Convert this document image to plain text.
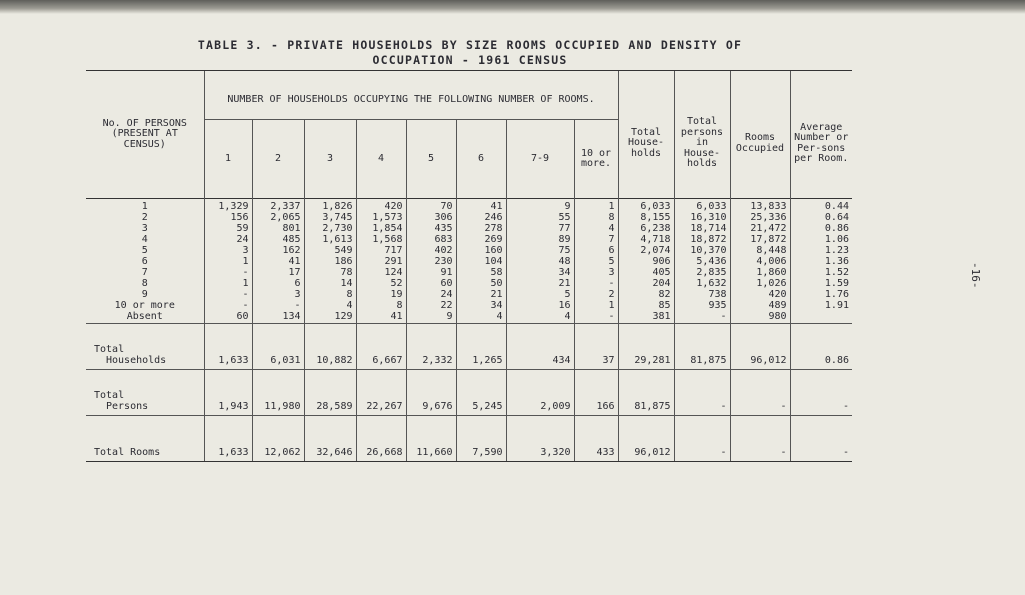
TABLE 3. - PRIVATE HOUSEHOLDS BY SIZE ROOMS OCCUPIED AND DENSITY OF
OCCUPATION - 1961 CENSUS
-16-
No. OF PERSONS (PRESENT AT CENSUS)	NUMBER OF HOUSEHOLDS OCCUPYING THE FOLLOWING NUMBER OF ROOMS.								Total House-holds	Total persons in House-holds	Rooms Occupied	Average Number or Per-sons per Room.
	1	2	3	4	5	6	7-9	10 or more.				
1	1,329	2,337	1,826	420	70	41	9	1	6,033	6,033	13,833	0.44
2	156	2,065	3,745	1,573	306	246	55	8	8,155	16,310	25,336	0.64
3	59	801	2,730	1,854	435	278	77	4	6,238	18,714	21,472	0.86
4	24	485	1,613	1,568	683	269	89	7	4,718	18,872	17,872	1.06
5	3	162	549	717	402	160	75	6	2,074	10,370	8,448	1.23
6	1	41	186	291	230	104	48	5	906	5,436	4,006	1.36
7	-	17	78	124	91	58	34	3	405	2,835	1,860	1.52
8	1	6	14	52	60	50	21	-	204	1,632	1,026	1.59
9	-	3	8	19	24	21	5	2	82	738	420	1.76
10 or more	-	-	4	8	22	34	16	1	85	935	489	1.91
Absent	60	134	129	41	9	4	4	-	381	-	980	
Total
Households	1,633	6,031	10,882	6,667	2,332	1,265	434	37	29,281	81,875	96,012	0.86
Total
Persons	1,943	11,980	28,589	22,267	9,676	5,245	2,009	166	81,875	-	-	-
Total Rooms	1,633	12,062	32,646	26,668	11,660	7,590	3,320	433	96,012	-	-	-
